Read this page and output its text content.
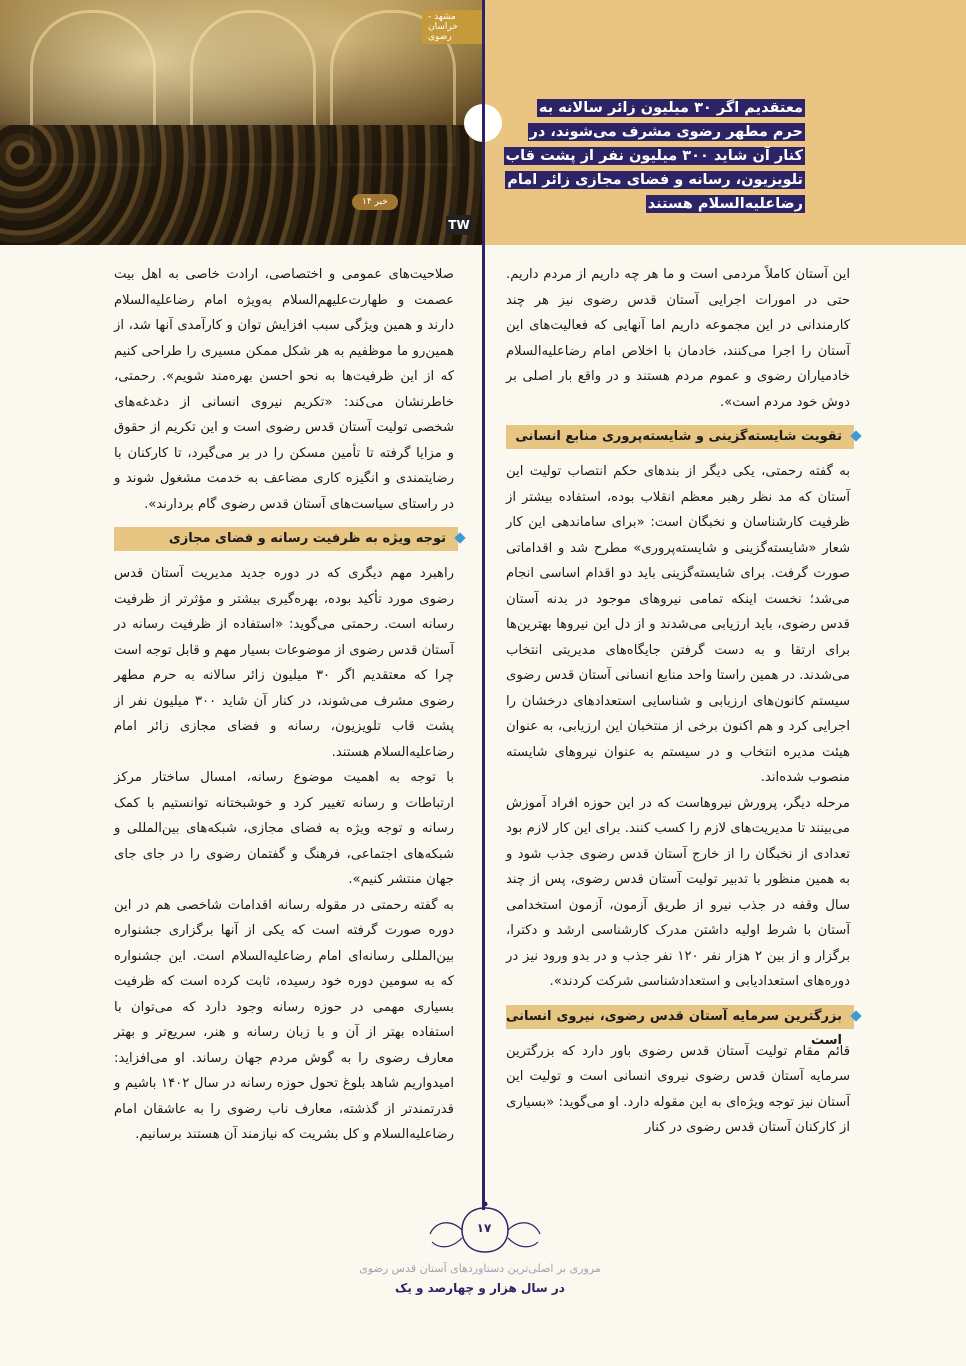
مشهد - خراسان رضوی
خبر ۱۴
TW
معتقدیم اگر ۳۰ میلیون زائر سالانه به حرم مطهر رضوی مشرف می‌شوند، در کنار آن شاید ۳۰۰ میلیون نفر از پشت قاب تلویزیون، رسانه و فضای مجازی زائر امام رضاعلیه‌السلام هستند

این آستان کاملاً مردمی است و ما هر چه داریم از مردم داریم. حتی در امورات اجرایی آستان قدس رضوی نیز هر چند کارمندانی در این مجموعه داریم اما آنهایی که فعالیت‌های این آستان را اجرا می‌کنند، خادمان با اخلاص امام رضاعلیه‌السلام خادمیاران رضوی و عموم مردم هستند و در واقع بار اصلی بر دوش خود مردم است».

تقویت شایسته‌گزینی و شایسته‌پروری منابع انسانی

به گفته رحمتی، یکی دیگر از بندهای حکم انتصاب تولیت این آستان که مد نظر رهبر معظم انقلاب بوده، استفاده بیشتر از ظرفیت کارشناسان و نخبگان است: «برای ساماندهی این کار شعار «شایسته‌گزینی و شایسته‌پروری» مطرح شد و اقداماتی صورت گرفت. برای شایسته‌گزینی باید دو اقدام اساسی انجام می‌شد؛ نخست اینکه تمامی نیروهای موجود در بدنه آستان قدس رضوی، باید ارزیابی می‌شدند و از دل این نیروها بهترین‌ها برای ارتقا و به دست گرفتن جایگاه‌های مدیریتی انتخاب می‌شدند. در همین راستا واحد منابع انسانی آستان قدس رضوی سیستم کانون‌های ارزیابی و شناسایی استعدادهای درخشان را اجرایی کرد و هم اکنون برخی از منتخبان این ارزیابی، به عنوان هیئت مدیره انتخاب و در سیستم به عنوان نیروهای شایسته منصوب شده‌اند.

مرحله دیگر، پرورش نیروهاست که در این حوزه افراد آموزش می‌بینند تا مدیریت‌های لازم را کسب کنند. برای این کار لازم بود تعدادی از نخبگان را از خارج آستان قدس رضوی جذب شود و به همین منظور با تدبیر تولیت آستان قدس رضوی، پس از چند سال وقفه در جذب نیرو از طریق آزمون، آزمون استخدامی آستان با شرط اولیه داشتن مدرک کارشناسی ارشد و دکترا، برگزار و از بین ۲ هزار نفر ۱۲۰ نفر جذب و در بدو ورود نیز در دوره‌های استعدادیابی و استعدادشناسی شرکت کردند».

بزرگترین سرمایه آستان قدس رضوی، نیروی انسانی است

قائم مقام تولیت آستان قدس رضوی باور دارد که بزرگترین سرمایه آستان قدس رضوی نیروی انسانی است و تولیت این آستان نیز توجه ویژه‌ای به این مقوله دارد. او می‌گوید: «بسیاری از کارکنان آستان قدس رضوی در کنار

صلاحیت‌های عمومی و اختصاصی، ارادت خاصی به اهل بیت عصمت و طهارت‌علیهم‌السلام به‌ویژه امام رضاعلیه‌السلام دارند و همین ویژگی سبب افزایش توان و کارآمدی آنها شد، از همین‌رو ما موظفیم به هر شکل ممکن مسیری را طراحی کنیم که از این ظرفیت‌ها به نحو احسن بهره‌مند شویم». رحمتی، خاطرنشان می‌کند: «تکریم نیروی انسانی از دغدغه‌های شخصی تولیت آستان قدس رضوی است و این تکریم از حقوق و مزایا گرفته تا تأمین مسکن را در بر می‌گیرد، تا کارکنان با رضایتمندی و انگیزه کاری مضاعف به خدمت مشغول شوند و در راستای سیاست‌های آستان قدس رضوی گام بردارند».

توجه ویژه به ظرفیت رسانه و فضای مجازی

راهبرد مهم دیگری که در دوره جدید مدیریت آستان قدس رضوی مورد تأکید بوده، بهره‌گیری بیشتر و مؤثرتر از ظرفیت رسانه است. رحمتی می‌گوید: «استفاده از ظرفیت رسانه در آستان قدس رضوی از موضوعات بسیار مهم و قابل توجه است چرا که معتقدیم اگر ۳۰ میلیون زائر سالانه به حرم مطهر رضوی مشرف می‌شوند، در کنار آن شاید ۳۰۰ میلیون نفر از پشت قاب تلویزیون، رسانه و فضای مجازی زائر امام رضاعلیه‌السلام هستند.

با توجه به اهمیت موضوع رسانه، امسال ساختار مرکز ارتباطات و رسانه تغییر کرد و خوشبختانه توانستیم با کمک رسانه و توجه ویژه به فضای مجازی، شبکه‌های بین‌المللی و شبکه‌های اجتماعی، فرهنگ و گفتمان رضوی را در جای جای جهان منتشر کنیم».

به گفته رحمتی در مقوله رسانه اقدامات شاخصی هم در این دوره صورت گرفته است که یکی از آنها برگزاری جشنواره بین‌المللی رسانه‌ای امام رضاعلیه‌السلام است. این جشنواره که به سومین دوره خود رسیده، ثابت کرده است که ظرفیت بسیاری مهمی در حوزه رسانه وجود دارد که می‌توان با استفاده بهتر از آن و با زبان رسانه و هنر، سریع‌تر و بهتر معارف رضوی را به گوش مردم جهان رساند. او می‌افزاید: امیدواریم شاهد بلوغ تحول حوزه رسانه در سال ۱۴۰۲ باشیم و قدرتمندتر از گذشته، معارف ناب رضوی را به عاشقان امام رضاعلیه‌السلام و کل بشریت که نیازمند آن هستند برسانیم.

۱۷
مروری بر اصلی‌ترین دستاوردهای آستان قدس رضوی
در سال هزار و چهارصد و یک
